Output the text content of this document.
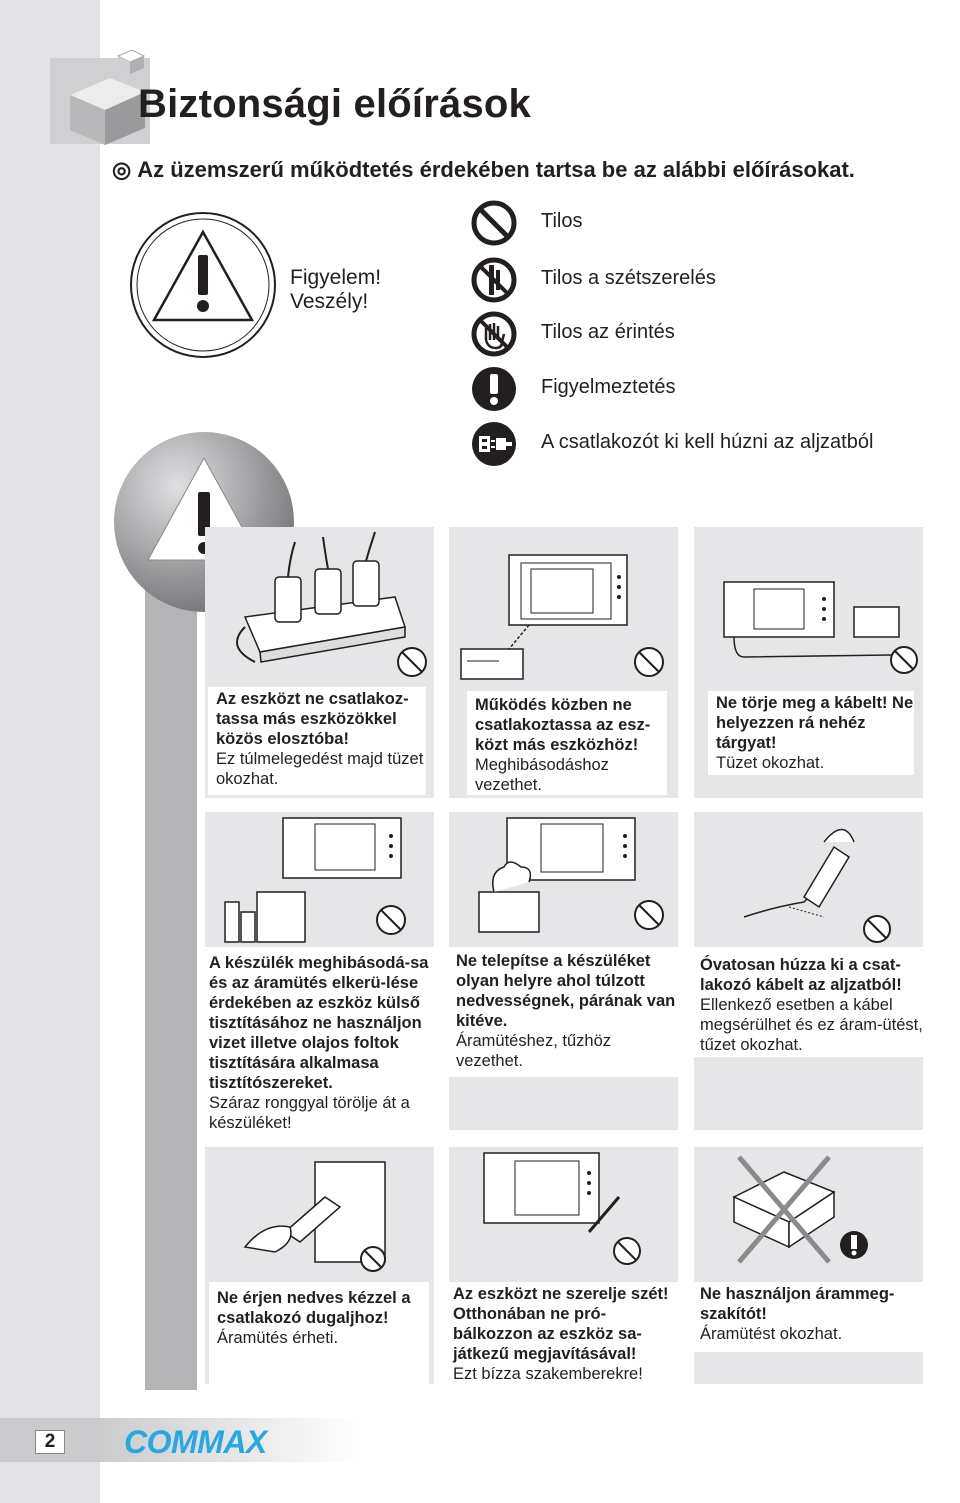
Biztonsági előírások
◎ Az üzemszerű működtetés érdekében tartsa be az alábbi előírásokat.
Figyelem!
Veszély!
Tilos
Tilos a szétszerelés
Tilos az érintés
Figyelmeztetés
A csatlakozót ki kell húzni az aljzatból
Az eszközt ne csatlakoz-tassa más eszközökkel közös elosztóba!
Ez túlmelegedést majd tüzet okozhat.
Működés közben ne csatlakoztassa az esz-közt más eszközhöz!
Meghibásodáshoz vezethet.
Ne törje meg a kábelt! Ne helyezzen rá nehéz tárgyat!
Tüzet okozhat.
A készülék meghibásodá-sa és az áramütés elkerü-lése érdekében az eszköz külső tisztításához ne használjon vizet illetve olajos foltok tisztítására alkalmasa tisztítószereket.
Száraz ronggyal törölje át a készüléket!
Ne telepítse a készüléket olyan helyre ahol túlzott nedvességnek, párának van kitéve.
Áramütéshez, tűzhöz vezethet.
Óvatosan húzza ki a csat-lakozó kábelt az aljzatból!
Ellenkező esetben a kábel megsérülhet és ez áram-ütést, tűzet okozhat.
Ne érjen nedves kézzel a csatlakozó dugaljhoz!
Áramütés érheti.
Az eszközt ne szerelje szét! Otthonában ne pró-bálkozzon az eszköz sa-játkezű megjavításával!
Ezt bízza szakemberekre!
Ne használjon árammeg-szakítót!
Áramütést okozhat.
2	COMMAX
